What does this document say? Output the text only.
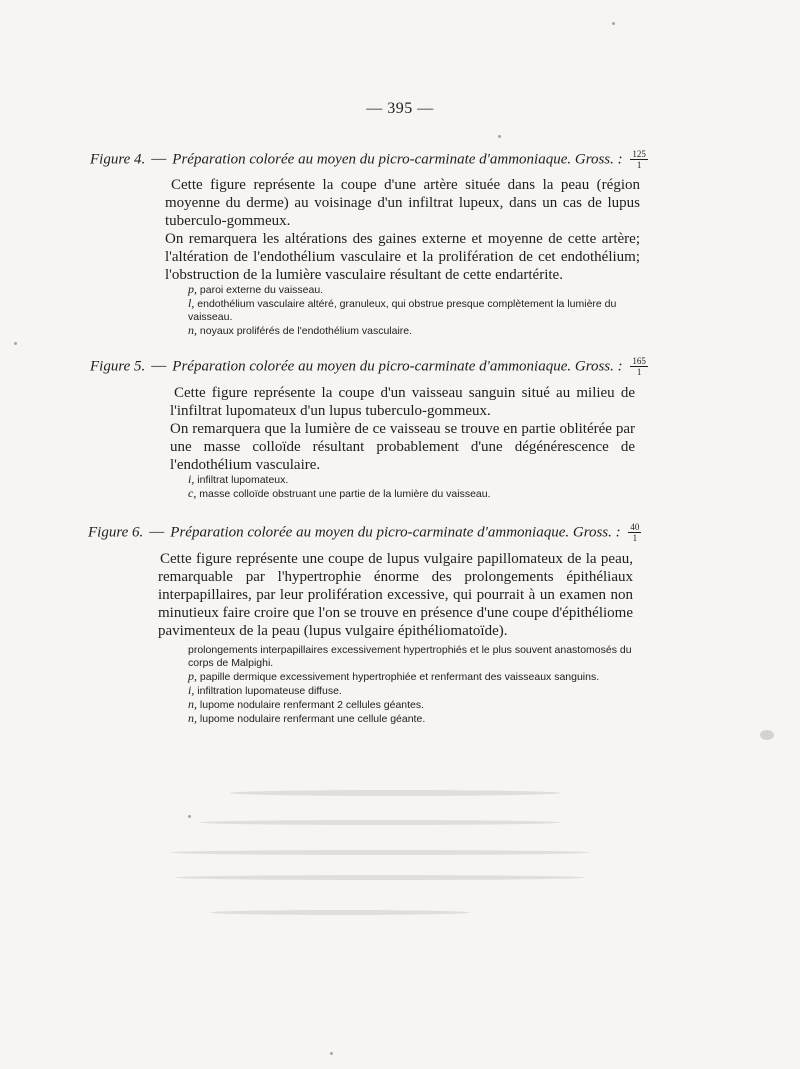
— 395 —
Figure 4. — Préparation colorée au moyen du picro-carminate d'ammoniaque. Gross. : $\frac{125}{1}$

Cette figure représente la coupe d'une artère située dans la peau (région moyenne du derme) au voisinage d'un infiltrat lupeux, dans un cas de lupus tuberculo-gommeux.

On remarquera les altérations des gaines externe et moyenne de cette artère; l'altération de l'endothélium vasculaire et la prolifération de cet endothélium; l'obstruction de la lumière vasculaire résultant de cette endartérite.

p, paroi externe du vaisseau.
l, endothélium vasculaire altéré, granuleux, qui obstrue presque complètement la lumière du vaisseau.
n, noyaux proliférés de l'endothélium vasculaire.
Figure 5. — Préparation colorée au moyen du picro-carminate d'ammoniaque. Gross. : $\frac{165}{1}$

Cette figure représente la coupe d'un vaisseau sanguin situé au milieu de l'infiltrat lupomateux d'un lupus tuberculo-gommeux.

On remarquera que la lumière de ce vaisseau se trouve en partie oblitérée par une masse colloïde résultant probablement d'une dégénérescence de l'endothélium vasculaire.

i, infiltrat lupomateux.
c, masse colloïde obstruant une partie de la lumière du vaisseau.
Figure 6. — Préparation colorée au moyen du picro-carminate d'ammoniaque. Gross. : $\frac{40}{1}$

Cette figure représente une coupe de lupus vulgaire papillomateux de la peau, remarquable par l'hypertrophie énorme des prolongements épithéliaux interpapillaires, par leur prolifération excessive, qui pourrait à un examen non minutieux faire croire que l'on se trouve en présence d'une coupe d'épithéliome pavimenteux de la peau (lupus vulgaire épithéliomatoïde).

prolongements interpapillaires excessivement hypertrophiés et le plus souvent anastomosés du corps de Malpighi.
p, papille dermique excessivement hypertrophiée et renfermant des vaisseaux sanguins.
i, infiltration lupomateuse diffuse.
n, lupome nodulaire renfermant 2 cellules géantes.
n, lupome nodulaire renfermant une cellule géante.
